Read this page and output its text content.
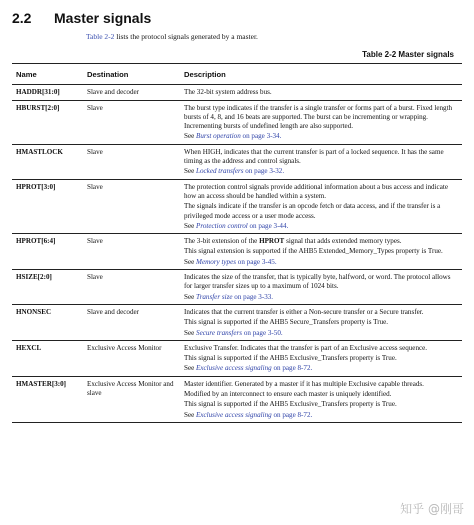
2.2 Master signals
Table 2-2 lists the protocol signals generated by a master.
Table 2-2 Master signals
Name	Destination	Description
HADDR[31:0]	Slave and decoder	The 32-bit system address bus.

HBURST[2:0]	Slave	The burst type indicates if the transfer is a single transfer or forms part of a burst. Fixed length bursts of 4, 8, and 16 beats are supported. The burst can be incrementing or wrapping. Incrementing bursts of undefined length are also supported.

See Burst operation on page 3-34.

HMASTLOCK	Slave	When HIGH, indicates that the current transfer is part of a locked sequence. It has the same timing as the address and control signals.

See Locked transfers on page 3-32.

HPROT[3:0]	Slave	The protection control signals provide additional information about a bus access and indicate how an access should be handled within a system.

The signals indicate if the transfer is an opcode fetch or data access, and if the transfer is a privileged mode access or a user mode access.

See Protection control on page 3-44.

HPROT[6:4]	Slave	The 3-bit extension of the HPROT signal that adds extended memory types.

This signal extension is supported if the AHB5 Extended_Memory_Types property is True.

See Memory types on page 3-45.

HSIZE[2:0]	Slave	Indicates the size of the transfer, that is typically byte, halfword, or word. The protocol allows for larger transfer sizes up to a maximum of 1024 bits.

See Transfer size on page 3-33.

HNONSEC	Slave and decoder	Indicates that the current transfer is either a Non-secure transfer or a Secure transfer.

This signal is supported if the AHB5 Secure_Transfers property is True.

See Secure transfers on page 3-50.

HEXCL	Exclusive Access Monitor	Exclusive Transfer. Indicates that the transfer is part of an Exclusive access sequence.

This signal is supported if the AHB5 Exclusive_Transfers property is True.

See Exclusive access signaling on page 8-72.

HMASTER[3:0]	Exclusive Access Monitor and slave	Master identifier. Generated by a master if it has multiple Exclusive capable threads.

Modified by an interconnect to ensure each master is uniquely identified.

This signal is supported if the AHB5 Exclusive_Transfers property is True.

See Exclusive access signaling on page 8-72.

知乎 @刚哥
